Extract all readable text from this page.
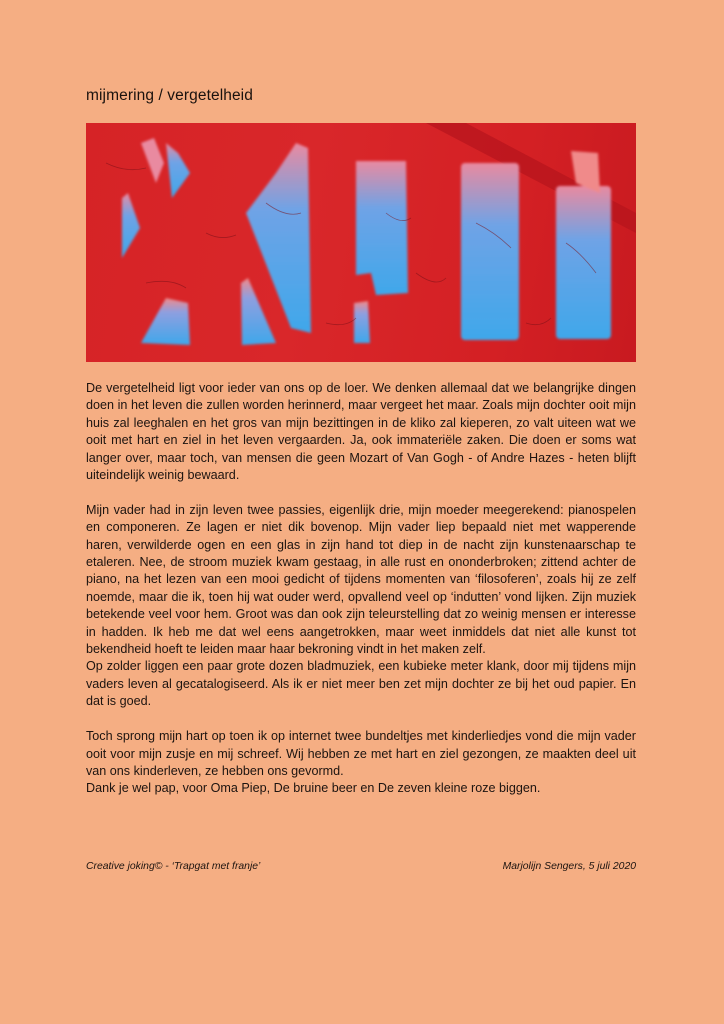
mijmering / vergetelheid

De vergetelheid ligt voor ieder van ons op de loer. We denken allemaal dat we belangrijke dingen doen in het leven die zullen worden herinnerd, maar vergeet het maar. Zoals mijn dochter ooit mijn huis zal leeghalen en het gros van mijn bezittingen in de kliko zal kieperen, zo valt uiteen wat we ooit met hart en ziel in het leven vergaarden. Ja, ook immateriële zaken. Die doen er soms wat langer over, maar toch, van mensen die geen Mozart of Van Gogh - of Andre Hazes - heten blijft uiteindelijk weinig bewaard.

Mijn vader had in zijn leven twee passies, eigenlijk drie, mijn moeder meegerekend: pianospelen en componeren. Ze lagen er niet dik bovenop. Mijn vader liep bepaald niet met wapperende haren, verwilderde ogen en een glas in zijn hand tot diep in de nacht zijn kunstenaarschap te etaleren. Nee, de stroom muziek kwam gestaag, in alle rust en ononderbroken; zittend achter de piano, na het lezen van een mooi gedicht of tijdens momenten van ‘filosoferen’, zoals hij ze zelf noemde, maar die ik, toen hij wat ouder werd, opvallend veel op ‘indutten’ vond lijken. Zijn muziek betekende veel voor hem. Groot was dan ook zijn teleurstelling dat zo weinig mensen er interesse in hadden. Ik heb me dat wel eens aangetrokken, maar weet inmiddels dat niet alle kunst tot bekendheid hoeft te leiden maar haar bekroning vindt in het maken zelf.

Op zolder liggen een paar grote dozen bladmuziek, een kubieke meter klank, door mij tijdens mijn vaders leven al gecatalogiseerd. Als ik er niet meer ben zet mijn dochter ze bij het oud papier. En dat is goed.

Toch sprong mijn hart op toen ik op internet twee bundeltjes met kinderliedjes vond die mijn vader ooit voor mijn zusje en mij schreef. Wij hebben ze met hart en ziel gezongen, ze maakten deel uit van ons kinderleven, ze hebben ons gevormd.

Dank je wel pap, voor Oma Piep, De bruine beer en De zeven kleine roze biggen.

Creative joking© - ‘Trapgat met franje’	Marjolijn Sengers, 5 juli 2020
